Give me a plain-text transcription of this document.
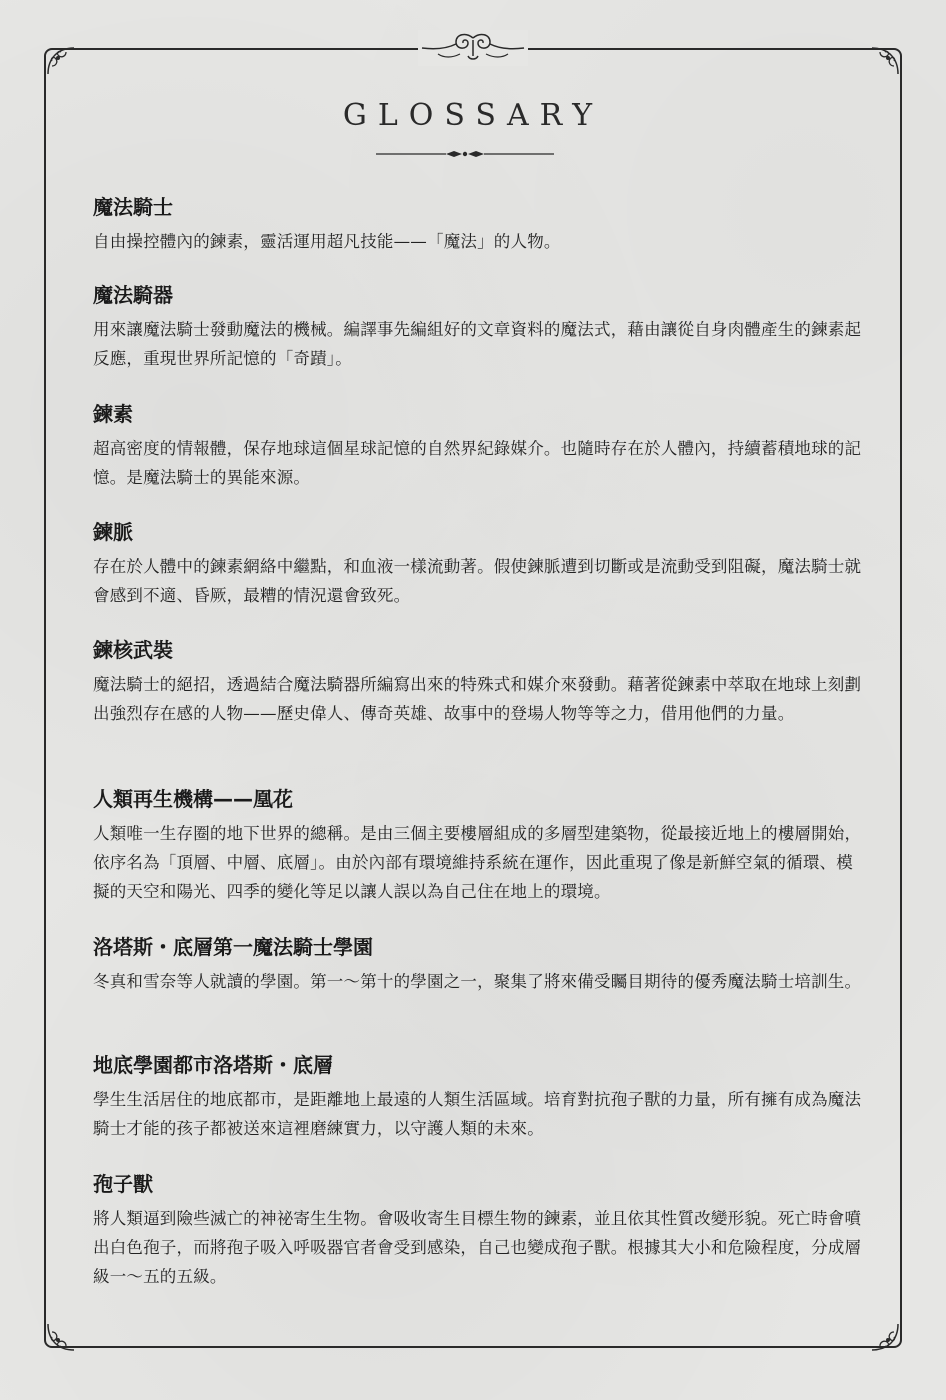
GLOSSARY
魔法騎士
自由操控體內的鍊素，靈活運用超凡技能——「魔法」的人物。
魔法騎器
用來讓魔法騎士發動魔法的機械。編譯事先編組好的文章資料的魔法式，藉由讓從自身肉體產生的鍊素起反應，重現世界所記憶的「奇蹟」。
鍊素
超高密度的情報體，保存地球這個星球記憶的自然界紀錄媒介。也隨時存在於人體內，持續蓄積地球的記憶。是魔法騎士的異能來源。
鍊脈
存在於人體中的鍊素網絡中繼點，和血液一樣流動著。假使鍊脈遭到切斷或是流動受到阻礙，魔法騎士就會感到不適、昏厥，最糟的情況還會致死。
鍊核武裝
魔法騎士的絕招，透過結合魔法騎器所編寫出來的特殊式和媒介來發動。藉著從鍊素中萃取在地球上刻劃出強烈存在感的人物——歷史偉人、傳奇英雄、故事中的登場人物等等之力，借用他們的力量。
人類再生機構——凰花
人類唯一生存圈的地下世界的總稱。是由三個主要樓層組成的多層型建築物，從最接近地上的樓層開始，依序名為「頂層、中層、底層」。由於內部有環境維持系統在運作，因此重現了像是新鮮空氣的循環、模擬的天空和陽光、四季的變化等足以讓人誤以為自己住在地上的環境。
洛塔斯・底層第一魔法騎士學園
冬真和雪奈等人就讀的學園。第一～第十的學園之一，聚集了將來備受矚目期待的優秀魔法騎士培訓生。
地底學園都市洛塔斯・底層
學生生活居住的地底都市，是距離地上最遠的人類生活區域。培育對抗孢子獸的力量，所有擁有成為魔法騎士才能的孩子都被送來這裡磨練實力，以守護人類的未來。
孢子獸
將人類逼到險些滅亡的神祕寄生生物。會吸收寄生目標生物的鍊素，並且依其性質改變形貌。死亡時會噴出白色孢子，而將孢子吸入呼吸器官者會受到感染，自己也變成孢子獸。根據其大小和危險程度，分成層級一～五的五級。
